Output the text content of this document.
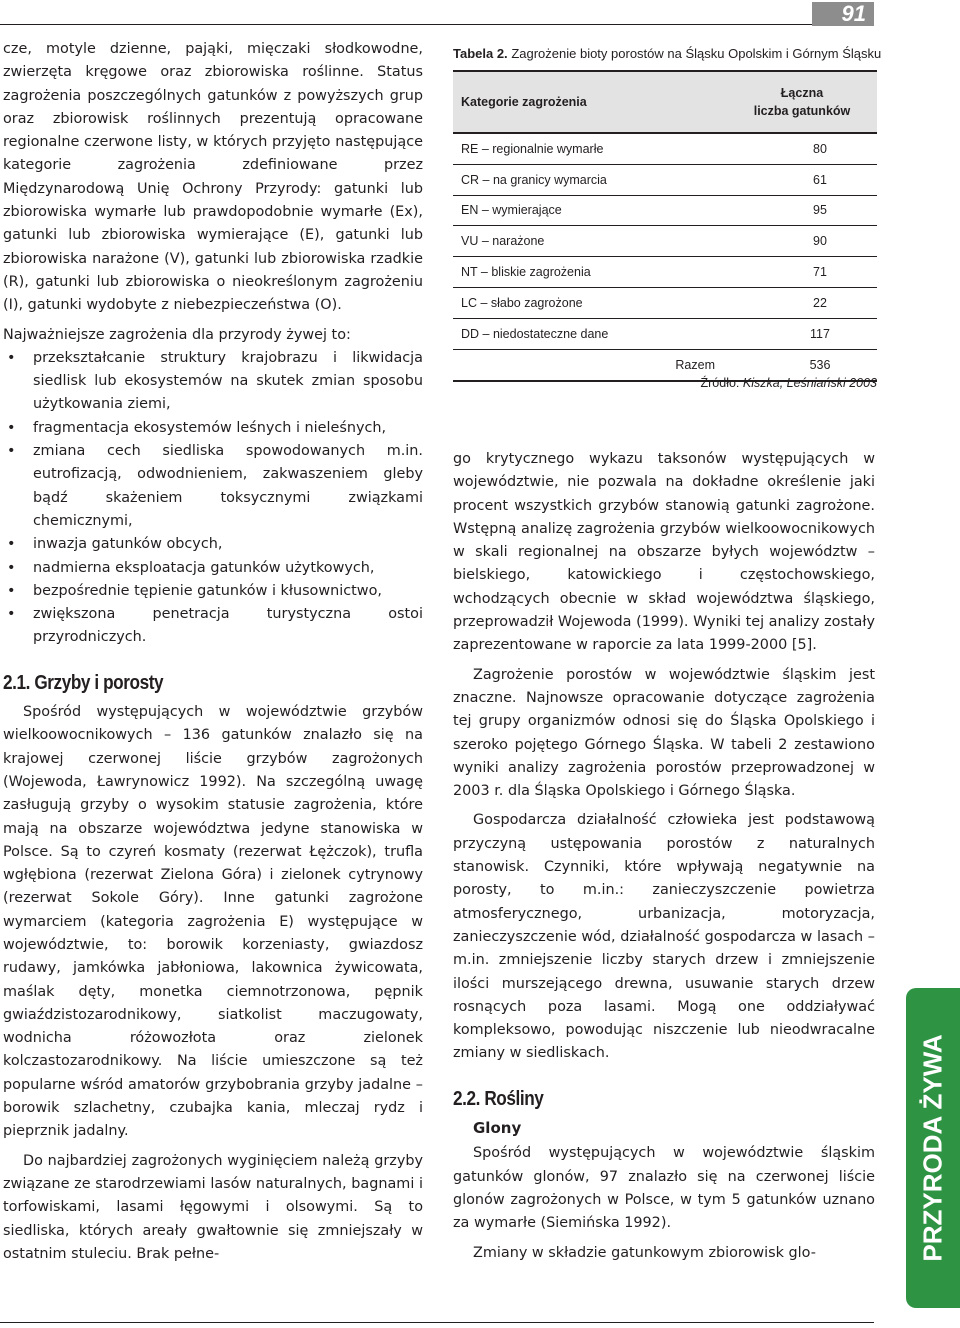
91

cze, motyle dzienne, pająki, mięczaki słodkowodne, zwierzęta kręgowe oraz zbiorowiska roślinne. Status zagrożenia poszczególnych gatunków z powyższych grup oraz zbiorowisk roślinnych prezentują opracowane regionalne czerwone listy, w których przyjęto następujące kategorie zagrożenia zdefiniowane przez Międzynarodową Unię Ochrony Przyrody: gatunki lub zbiorowiska wymarłe lub prawdopodobnie wymarłe (Ex), gatunki lub zbiorowiska wymierające (E), gatunki lub zbiorowiska narażone (V), gatunki lub zbiorowiska rzadkie (R), gatunki lub zbiorowiska o nieokreślonym zagrożeniu (I), gatunki wydobyte z niebezpieczeństwa (O).

Najważniejsze zagrożenia dla przyrody żywej to:

• przekształcanie struktury krajobrazu i likwidacja siedlisk lub ekosystemów na skutek zmian sposobu użytkowania ziemi,
• fragmentacja ekosystemów leśnych i nieleśnych,
• zmiana cech siedliska spowodowanych m.in. eutrofizacją, odwodnieniem, zakwaszeniem gleby bądź skażeniem toksycznymi związkami chemicznymi,
• inwazja gatunków obcych,
• nadmierna eksploatacja gatunków użytkowych,
• bezpośrednie tępienie gatunków i kłusownictwo,
• zwiększona penetracja turystyczna ostoi przyrodniczych.
2.1. Grzyby i porosty

Spośród występujących w województwie grzybów wielkoowocnikowych – 136 gatunków znalazło się na krajowej czerwonej liście grzybów zagrożonych (Wojewoda, Ławrynowicz 1992). Na szczególną uwagę zasługują grzyby o wysokim statusie zagrożenia, które mają na obszarze województwa jedyne stanowiska w Polsce. Są to czyreń kosmaty (rezerwat Łężczok), trufla wgłębiona (rezerwat Zielona Góra) i zielonek cytrynowy (rezerwat Sokole Góry). Inne gatunki zagrożone wymarciem (kategoria zagrożenia E) występujące w województwie, to: borowik korzeniasty, gwiazdosz rudawy, jamkówka jabłoniowa, lakownica żywicowata, maślak dęty, monetka ciemnotrzonowa, pępnik gwiaździstozarodnikowy, siatkolist maczugowaty, wodnicha różowozłota oraz zielonek kolczastozarodnikowy. Na liście umieszczone są też popularne wśród amatorów grzybobrania grzyby jadalne – borowik szlachetny, czubajka kania, mleczaj rydz i pieprznik jadalny.

Do najbardziej zagrożonych wyginięciem należą grzyby związane ze starodrzewiami lasów naturalnych, bagnami i torfowiskami, lasami łęgowymi i olsowymi. Są to siedliska, których areały gwałtownie się zmniejszały w ostatnim stuleciu. Brak pełne-

Tabela 2. Zagrożenie bioty porostów na Śląsku Opolskim i Górnym Śląsku
Kategorie zagrożenia
Łączna
liczba gatunków
RE – regionalnie wymarłe	80
CR – na granicy wymarcia	61
EN – wymierające	95
VU – narażone	90
NT – bliskie zagrożenia	71
LC – słabo zagrożone	22
DD – niedostateczne dane	117
Razem	536
Źródło: Kiszka, Leśniański 2003

go krytycznego wykazu taksonów występujących w województwie, nie pozwala na dokładne określenie jaki procent wszystkich grzybów stanowią gatunki zagrożone. Wstępną analizę zagrożenia grzybów wielkoowocnikowych w skali regionalnej na obszarze byłych województw – bielskiego, katowickiego i częstochowskiego, wchodzących obecnie w skład województwa śląskiego, przeprowadził Wojewoda (1999). Wyniki tej analizy zostały zaprezentowane w raporcie za lata 1999-2000 [5].

Zagrożenie porostów w województwie śląskim jest znaczne. Najnowsze opracowanie dotyczące zagrożenia tej grupy organizmów odnosi się do Śląska Opolskiego i szeroko pojętego Górnego Śląska. W tabeli 2 zestawiono wyniki analizy zagrożenia porostów przeprowadzonej w 2003 r. dla Śląska Opolskiego i Górnego Śląska.

Gospodarcza działalność człowieka jest podstawową przyczyną ustępowania porostów z naturalnych stanowisk. Czynniki, które wpływają negatywnie na porosty, to m.in.: zanieczyszczenie powietrza atmosferycznego, urbanizacja, motoryzacja, zanieczyszczenie wód, działalność gospodarcza w lasach – m.in. zmniejszenie liczby starych drzew i zmniejszenie ilości murszejącego drewna, usuwanie starych drzew rosnących poza lasami. Mogą one oddziaływać kompleksowo, powodując niszczenie lub nieodwracalne zmiany w siedliskach.

2.2. Rośliny
Glony

Spośród występujących w województwie śląskim gatunków glonów, 97 znalazło się na czerwonej liście glonów zagrożonych w Polsce, w tym 5 gatunków uznano za wymarłe (Siemińska 1992).

Zmiany w składzie gatunkowym zbiorowisk glo-	PRZYRODA ŻYWA
